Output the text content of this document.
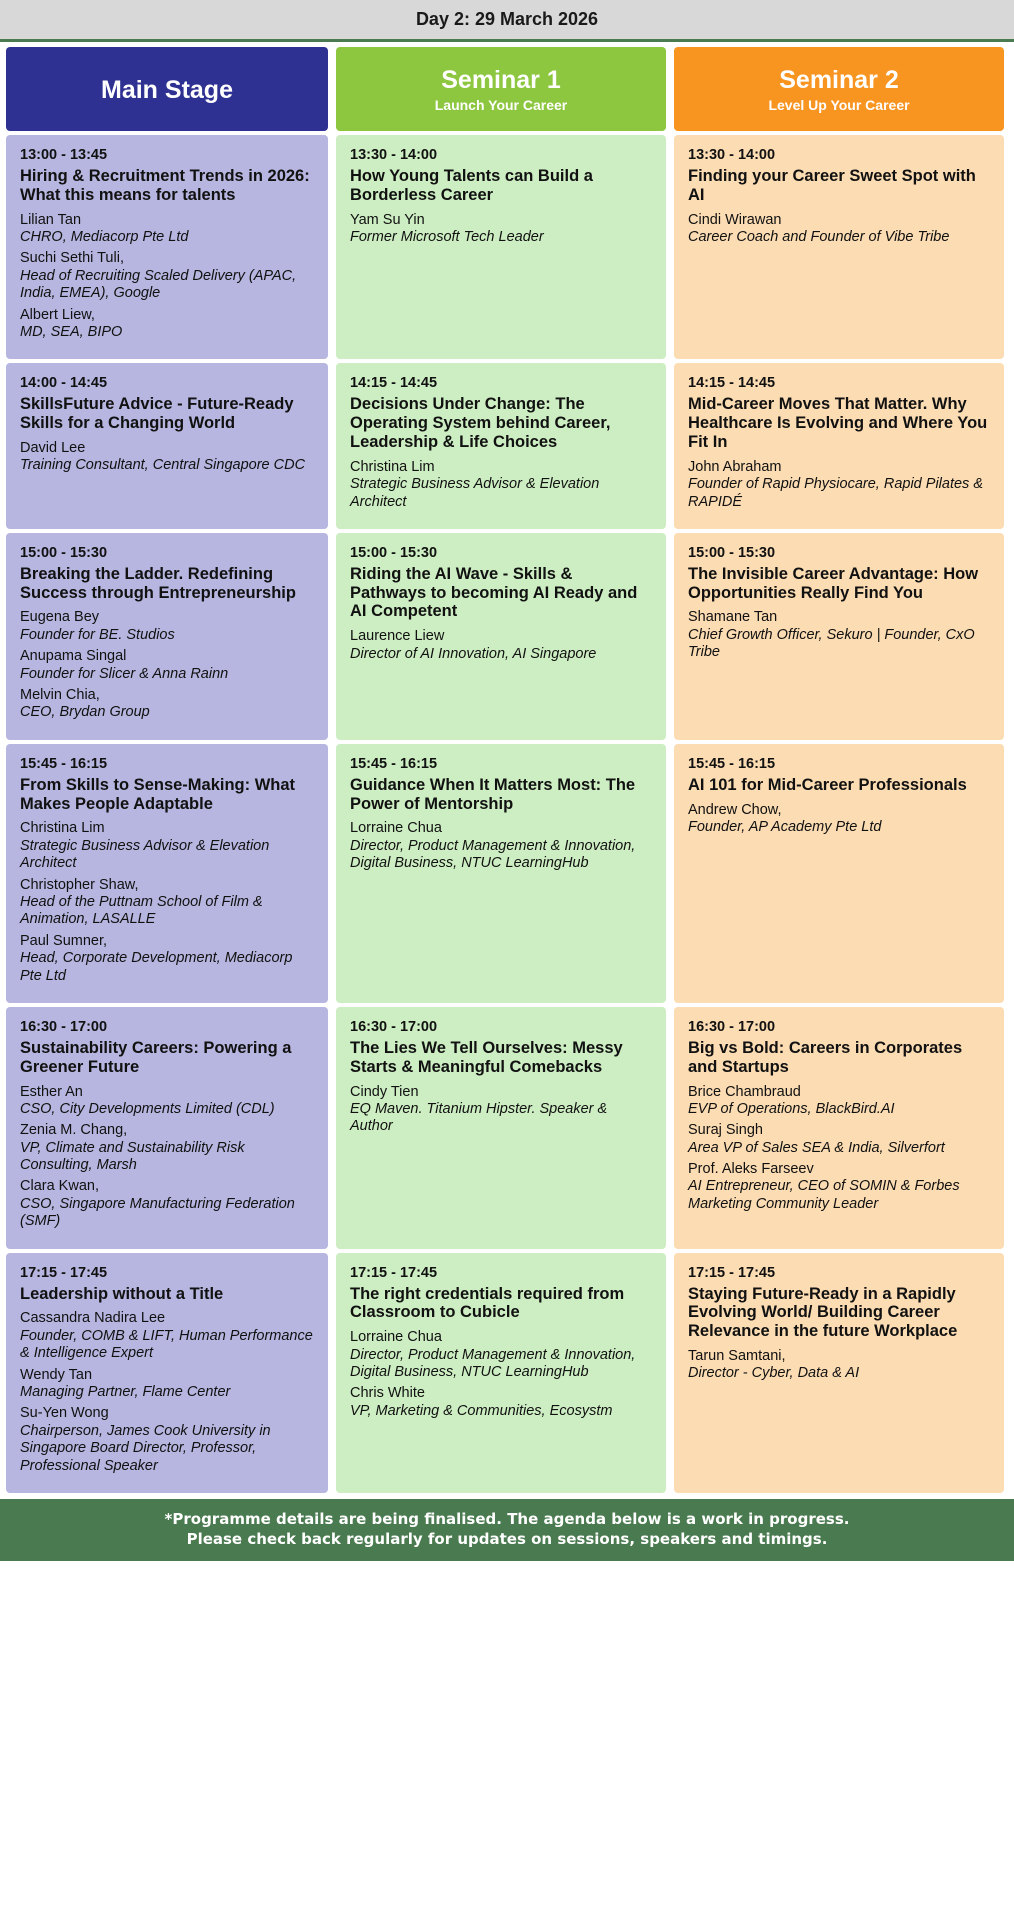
Day 2: 29 March 2026
Main Stage	Seminar 1
Launch Your Career
Seminar 2
Level Up Your Career
13:00 - 13:45
Hiring & Recruitment Trends in 2026: What this means for talents
Lilian Tan
CHRO, Mediacorp Pte Ltd
Suchi Sethi Tuli,
Head of Recruiting Scaled Delivery (APAC, India, EMEA), Google
Albert Liew,
MD, SEA, BIPO
13:30 - 14:00
How Young Talents can Build a Borderless Career
Yam Su Yin
Former Microsoft Tech Leader
13:30 - 14:00
Finding your Career Sweet Spot with AI
Cindi Wirawan
Career Coach and Founder of Vibe Tribe
14:00 - 14:45
SkillsFuture Advice - Future-Ready Skills for a Changing World
David Lee
Training Consultant, Central Singapore CDC
14:15 - 14:45
Decisions Under Change: The Operating System behind Career, Leadership & Life Choices
Christina Lim
Strategic Business Advisor & Elevation Architect
14:15 - 14:45
Mid-Career Moves That Matter. Why Healthcare Is Evolving and Where You Fit In
John Abraham
Founder of Rapid Physiocare, Rapid Pilates & RAPIDÉ
15:00 - 15:30
Breaking the Ladder. Redefining Success through Entrepreneurship
Eugena Bey
Founder for BE. Studios
Anupama Singal
Founder for Slicer & Anna Rainn
Melvin Chia,
CEO, Brydan Group
15:00 - 15:30
Riding the AI Wave - Skills & Pathways to becoming AI Ready and AI Competent
Laurence Liew
Director of AI Innovation, AI Singapore
15:00 - 15:30
The Invisible Career Advantage: How Opportunities Really Find You
Shamane Tan
Chief Growth Officer, Sekuro | Founder, CxO Tribe
15:45 - 16:15
From Skills to Sense-Making: What Makes People Adaptable
Christina Lim
Strategic Business Advisor & Elevation Architect
Christopher Shaw,
Head of the Puttnam School of Film & Animation, LASALLE
Paul Sumner,
Head, Corporate Development, Mediacorp Pte Ltd
15:45 - 16:15
Guidance When It Matters Most: The Power of Mentorship
Lorraine Chua
Director, Product Management & Innovation, Digital Business, NTUC LearningHub
15:45 - 16:15
AI 101 for Mid-Career Professionals
Andrew Chow,
Founder, AP Academy Pte Ltd
16:30 - 17:00
Sustainability Careers: Powering a Greener Future
Esther An
CSO, City Developments Limited (CDL)
Zenia M. Chang,
VP, Climate and Sustainability Risk Consulting, Marsh
Clara Kwan,
CSO, Singapore Manufacturing Federation (SMF)
16:30 - 17:00
The Lies We Tell Ourselves: Messy Starts & Meaningful Comebacks
Cindy Tien
EQ Maven. Titanium Hipster. Speaker & Author
16:30 - 17:00
Big vs Bold: Careers in Corporates and Startups
Brice Chambraud
EVP of Operations, BlackBird.AI
Suraj Singh
Area VP of Sales SEA & India, Silverfort
Prof. Aleks Farseev
AI Entrepreneur, CEO of SOMIN & Forbes Marketing Community Leader
17:15 - 17:45
Leadership without a Title
Cassandra Nadira Lee
Founder, COMB & LIFT, Human Performance & Intelligence Expert
Wendy Tan
Managing Partner, Flame Center
Su-Yen Wong
Chairperson, James Cook University in Singapore Board Director, Professor, Professional Speaker
17:15 - 17:45
The right credentials required from Classroom to Cubicle
Lorraine Chua
Director, Product Management & Innovation, Digital Business, NTUC LearningHub
Chris White
VP, Marketing & Communities, Ecosystm
17:15 - 17:45
Staying Future-Ready in a Rapidly Evolving World/ Building Career Relevance in the future Workplace
Tarun Samtani,
Director - Cyber, Data & AI
*Programme details are being finalised. The agenda below is a work in progress.
Please check back regularly for updates on sessions, speakers and timings.
